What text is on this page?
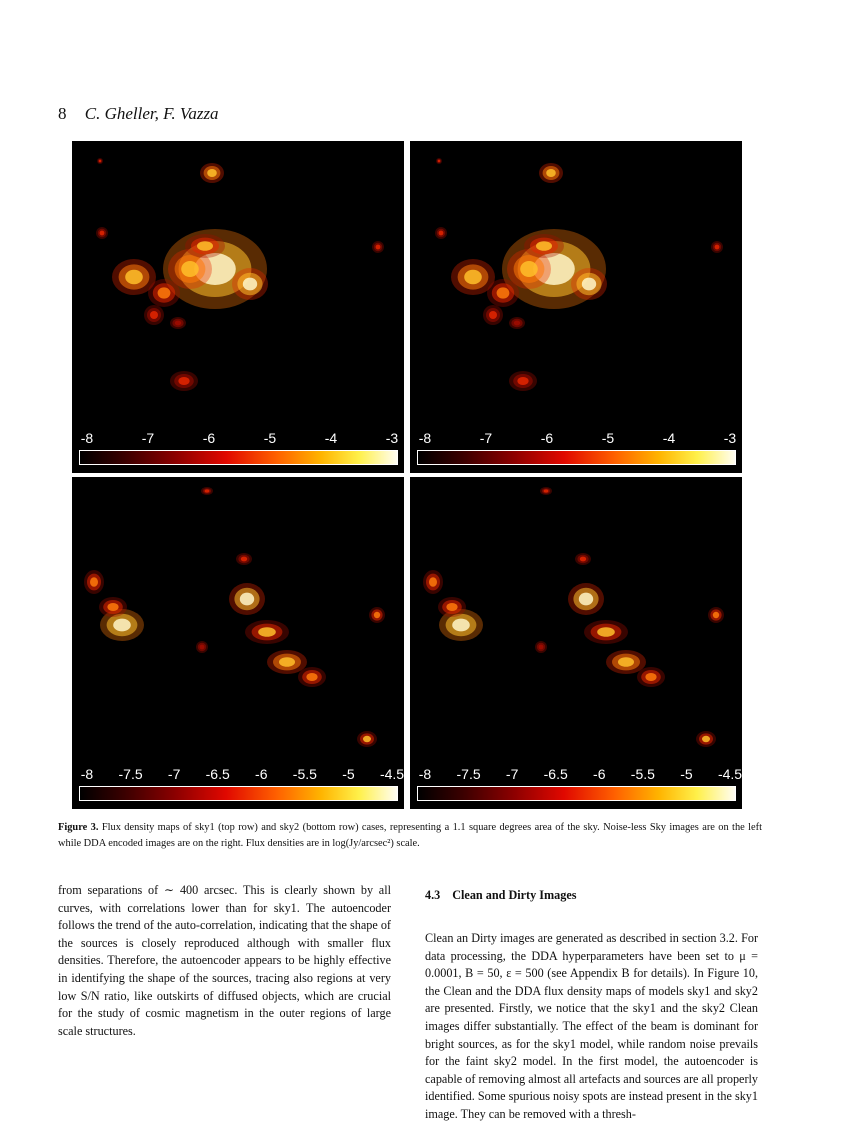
8 C. Gheller, F. Vazza
-8	-7	-6	-5	-4	-3 -8	-7	-6	-5	-4	-3
-8 -7.5 -7 -6.5 -6 -5.5 -5 -4.5 -8 -7.5 -7 -6.5 -6 -5.5 -5 -4.5
Figure 3. Flux density maps of sky1 (top row) and sky2 (bottom row) cases, representing a 1.1 square degrees area of the sky. Noise-less Sky images are on the left while DDA encoded images are on the right. Flux densities are in log(Jy/arcsec²) scale.
from separations of ∼ 400 arcsec. This is clearly shown by all curves, with correlations lower than for sky1. The autoencoder follows the trend of the auto-correlation, indicating that the shape of the sources is closely reproduced although with smaller flux densities. Therefore, the autoencoder appears to be highly effective in identifying the shape of the sources, tracing also regions at very low S/N ratio, like outskirts of diffused objects, which are crucial for the study of cosmic magnetism in the outer regions of large scale structures.
4.3 Clean and Dirty Images
Clean an Dirty images are generated as described in section 3.2. For data processing, the DDA hyperparameters have been set to μ = 0.0001, B = 50, ε = 500 (see Appendix B for details). In Figure 10, the Clean and the DDA flux density maps of models sky1 and sky2 are presented. Firstly, we notice that the sky1 and the sky2 Clean images differ substantially. The effect of the beam is dominant for bright sources, as for the sky1 model, while random noise prevails for the faint sky2 model. In the first model, the autoencoder is capable of removing almost all artefacts and sources are all properly identified. Some spurious noisy spots are instead present in the sky1 image. They can be removed with a thresh-
